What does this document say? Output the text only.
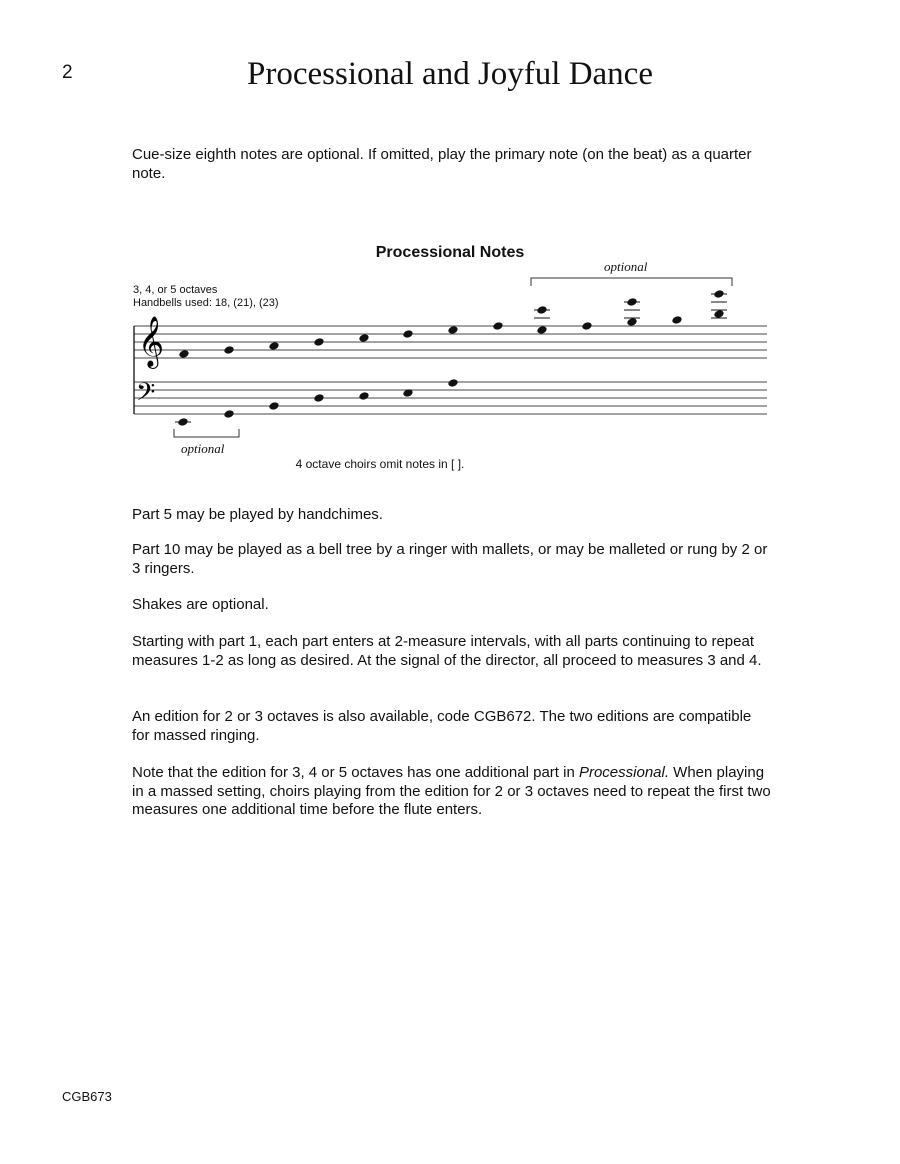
2	Processional and Joyful Dance

Cue-size eighth notes are optional. If omitted, play the primary note (on the beat) as a quarter note.

Processional Notes
3, 4, or 5 octaves
Handbells used: 18, (21), (23)
optional
optional
𝄞
𝄢
4 octave choirs omit notes in [ ].

Part 5 may be played by handchimes.

Part 10 may be played as a bell tree by a ringer with mallets, or may be malleted or rung by 2 or 3 ringers.

Shakes are optional.

Starting with part 1, each part enters at 2-measure intervals, with all parts continuing to repeat measures 1-2 as long as desired. At the signal of the director, all proceed to measures 3 and 4.

An edition for 2 or 3 octaves is also available, code CGB672. The two editions are compatible for massed ringing.

Note that the edition for 3, 4 or 5 octaves has one additional part in Processional. When playing in a massed setting, choirs playing from the edition for 2 or 3 octaves need to repeat the first two measures one additional time before the flute enters.

CGB673
